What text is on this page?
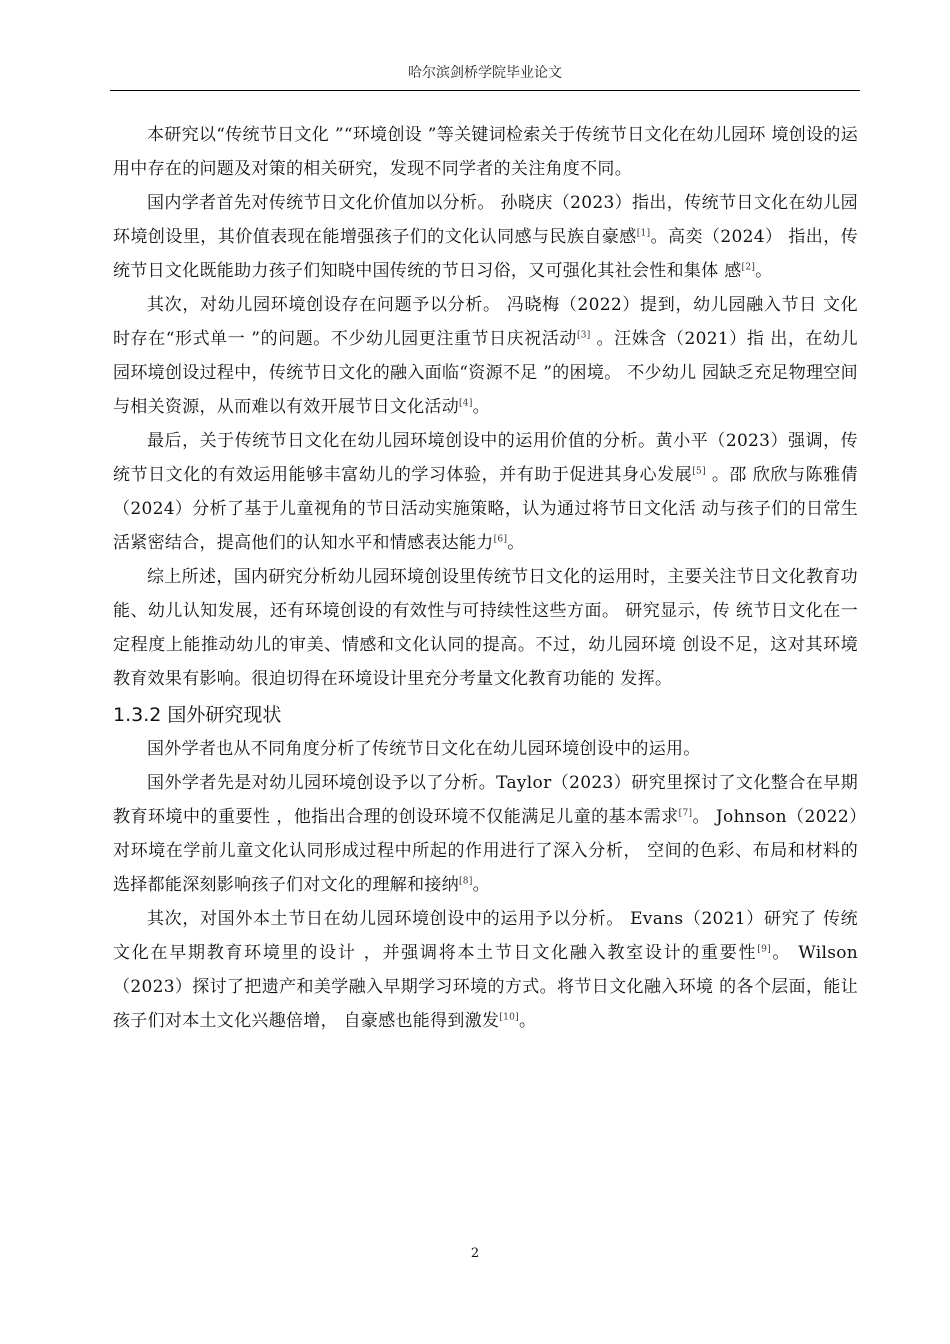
哈尔滨剑桥学院毕业论文

本研究以“传统节日文化 ”“环境创设 ”等关键词检索关于传统节日文化在幼儿园环 境创设的运用中存在的问题及对策的相关研究，发现不同学者的关注角度不同。

国内学者首先对传统节日文化价值加以分析。 孙晓庆（2023）指出，传统节日文化在幼儿园环境创设里，其价值表现在能增强孩子们的文化认同感与民族自豪感[1]。高奕（2024） 指出，传统节日文化既能助力孩子们知晓中国传统的节日习俗，又可强化其社会性和集体 感[2]。

其次，对幼儿园环境创设存在问题予以分析。 冯晓梅（2022）提到，幼儿园融入节日 文化时存在“形式单一 ”的问题。不少幼儿园更注重节日庆祝活动[3] 。汪姝含（2021）指 出，在幼儿园环境创设过程中，传统节日文化的融入面临“资源不足 ”的困境。 不少幼儿 园缺乏充足物理空间与相关资源，从而难以有效开展节日文化活动[4]。

最后，关于传统节日文化在幼儿园环境创设中的运用价值的分析。黄小平（2023）强调，传统节日文化的有效运用能够丰富幼儿的学习体验，并有助于促进其身心发展[5] 。邵 欣欣与陈雅倩（2024）分析了基于儿童视角的节日活动实施策略，认为通过将节日文化活 动与孩子们的日常生活紧密结合，提高他们的认知水平和情感表达能力[6]。

综上所述，国内研究分析幼儿园环境创设里传统节日文化的运用时，主要关注节日文化教育功能、幼儿认知发展，还有环境创设的有效性与可持续性这些方面。 研究显示，传 统节日文化在一定程度上能推动幼儿的审美、情感和文化认同的提高。不过，幼儿园环境 创设不足，这对其环境教育效果有影响。很迫切得在环境设计里充分考量文化教育功能的 发挥。

1.3.2 国外研究现状

国外学者也从不同角度分析了传统节日文化在幼儿园环境创设中的运用。

国外学者先是对幼儿园环境创设予以了分析。Taylor（2023）研究里探讨了文化整合在早期教育环境中的重要性 ，他指出合理的创设环境不仅能满足儿童的基本需求[7]。 Johnson（2022）对环境在学前儿童文化认同形成过程中所起的作用进行了深入分析， 空间的色彩、布局和材料的选择都能深刻影响孩子们对文化的理解和接纳[8]。

其次，对国外本土节日在幼儿园环境创设中的运用予以分析。 Evans（2021）研究了 传统文化在早期教育环境里的设计 ，并强调将本土节日文化融入教室设计的重要性[9]。 Wilson（2023）探讨了把遗产和美学融入早期学习环境的方式。将节日文化融入环境 的各个层面，能让孩子们对本土文化兴趣倍增， 自豪感也能得到激发[10]。

2
